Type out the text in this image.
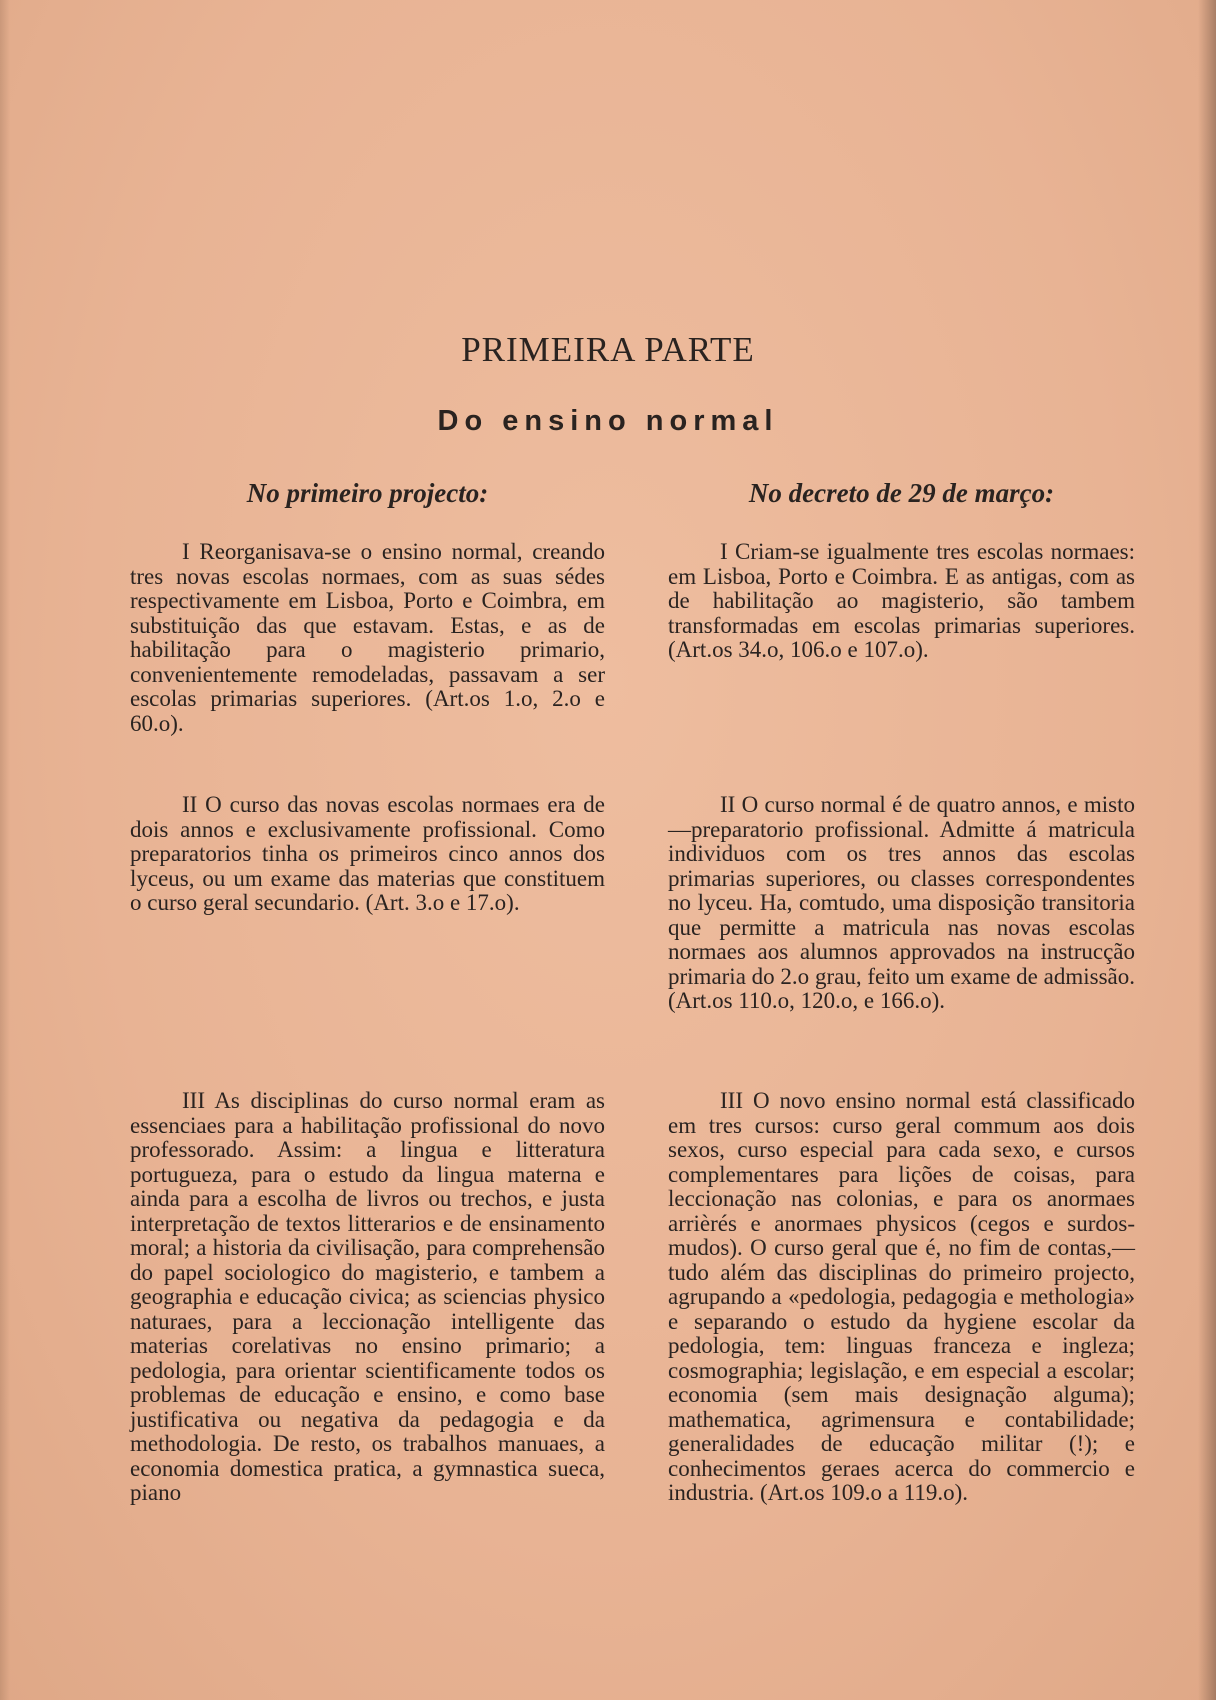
PRIMEIRA PARTE
Do ensino normal
No primeiro projecto:	No decreto de 29 de março:

I Reorganisava-se o ensino normal, creando tres novas escolas normaes, com as suas sédes respectivamente em Lisboa, Porto e Coimbra, em substituição das que estavam. Estas, e as de habilitação para o magisterio primario, convenientemente remodeladas, passavam a ser escolas primarias superiores. (Art.os 1.o, 2.o e 60.o).

II O curso das novas escolas normaes era de dois annos e exclusivamente profissional. Como preparatorios tinha os primeiros cinco annos dos lyceus, ou um exame das materias que constituem o curso geral secundario. (Art. 3.o e 17.o).

III As disciplinas do curso normal eram as essenciaes para a habilitação profissional do novo professorado. Assim: a lingua e litteratura portugueza, para o estudo da lingua materna e ainda para a escolha de livros ou trechos, e justa interpretação de textos litterarios e de ensinamento moral; a historia da civilisação, para comprehensão do papel sociologico do magisterio, e tambem a geographia e educação civica; as sciencias physico naturaes, para a leccionação intelligente das materias corelativas no ensino primario; a pedologia, para orientar scientificamente todos os problemas de educação e ensino, e como base justificativa ou negativa da pedagogia e da methodologia. De resto, os trabalhos manuaes, a economia domestica pratica, a gymnastica sueca, piano

I Criam-se igualmente tres escolas normaes: em Lisboa, Porto e Coimbra. E as antigas, com as de habilitação ao magisterio, são tambem transformadas em escolas primarias superiores. (Art.os 34.o, 106.o e 107.o).

II O curso normal é de quatro annos, e misto—preparatorio profissional. Admitte á matricula individuos com os tres annos das escolas primarias superiores, ou classes correspondentes no lyceu. Ha, comtudo, uma disposição transitoria que permitte a matricula nas novas escolas normaes aos alumnos approvados na instrucção primaria do 2.o grau, feito um exame de admissão. (Art.os 110.o, 120.o, e 166.o).

III O novo ensino normal está classificado em tres cursos: curso geral commum aos dois sexos, curso especial para cada sexo, e cursos complementares para lições de coisas, para leccionação nas colonias, e para os anormaes arrièrés e anormaes physicos (cegos e surdos-mudos). O curso geral que é, no fim de contas,—tudo além das disciplinas do primeiro projecto, agrupando a «pedologia, pedagogia e methologia» e separando o estudo da hygiene escolar da pedologia, tem: linguas franceza e ingleza; cosmographia; legislação, e em especial a escolar; economia (sem mais designação alguma); mathematica, agrimensura e contabilidade; generalidades de educação militar (!); e conhecimentos geraes acerca do commercio e industria. (Art.os 109.o a 119.o).
